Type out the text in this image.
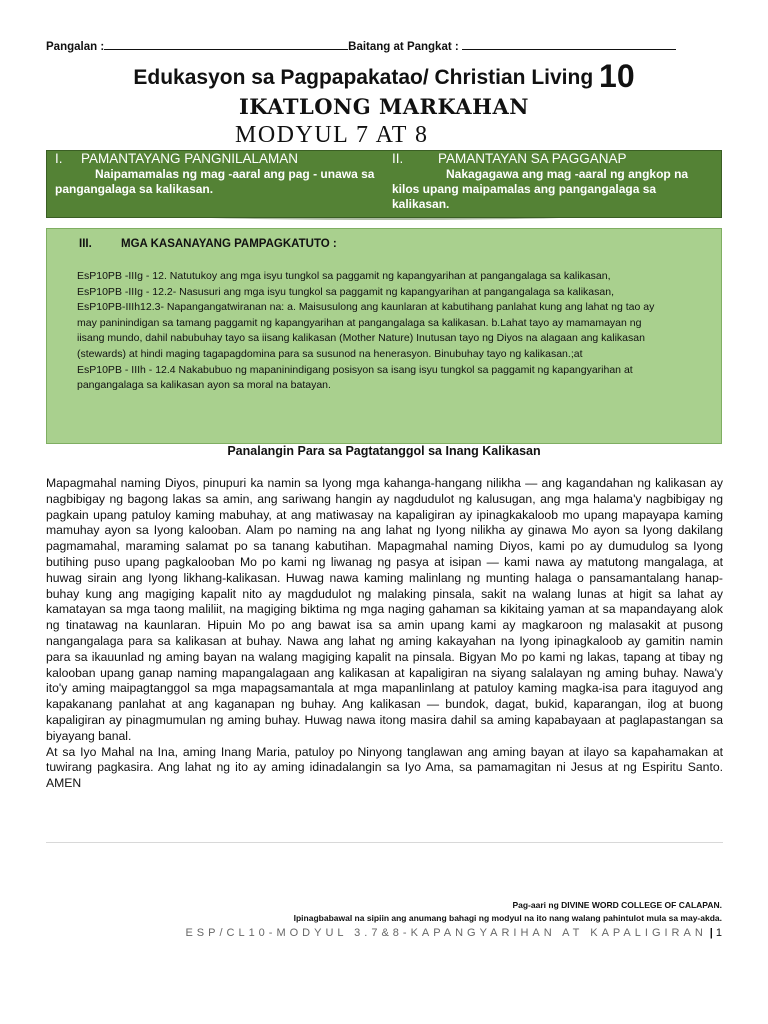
Pangalan :	Baitang at Pangkat :
Edukasyon sa Pagpapakatao/ Christian Living 10
IKATLONG MARKAHAN
MODYUL 7 AT 8
I. PAMANTAYANG PANGNILALAMAN
Naipamamalas ng mag -aaral ang pag - unawa sa pangangalaga sa kalikasan.
II.	PAMANTAYAN SA PAGGANAP
Nakagagawa ang mag -aaral ng angkop na kilos upang maipamalas ang pangangalaga sa kalikasan.
III.	MGA KASANAYANG PAMPAGKATUTO :
EsP10PB -IIIg - 12. Natutukoy ang mga isyu tungkol sa paggamit ng kapangyarihan at pangangalaga sa kalikasan,
EsP10PB -IIIg - 12.2- Nasusuri ang mga isyu tungkol sa paggamit ng kapangyarihan at pangangalaga sa kalikasan,
EsP10PB-IIIh12.3- Napangangatwiranan na: a. Maisusulong ang kaunlaran at kabutihang panlahat kung ang lahat ng tao ay
may paninindigan sa tamang paggamit ng kapangyarihan at pangangalaga sa kalikasan. b.Lahat tayo ay mamamayan ng
iisang mundo, dahil nabubuhay tayo sa iisang kalikasan (Mother Nature) Inutusan tayo ng Diyos na alagaan ang kalikasan
(stewards) at hindi maging tagapagdomina para sa susunod na henerasyon. Binubuhay tayo ng kalikasan.;at
EsP10PB - IIIh - 12.4 Nakabubuo ng mapaninindigang posisyon sa isang isyu tungkol sa paggamit ng kapangyarihan at
pangangalaga sa kalikasan ayon sa moral na batayan.
Panalangin Para sa Pagtatanggol sa Inang Kalikasan

Mapagmahal naming Diyos, pinupuri ka namin sa Iyong mga kahanga-hangang nilikha — ang kagandahan ng kalikasan ay nagbibigay ng bagong lakas sa amin, ang sariwang hangin ay nagdudulot ng kalusugan, ang mga halama'y nagbibigay ng pagkain upang patuloy kaming mabuhay, at ang matiwasay na kapaligiran ay ipinagkakaloob mo upang mapayapa kaming mamuhay ayon sa Iyong kalooban. Alam po naming na ang lahat ng Iyong nilikha ay ginawa Mo ayon sa Iyong dakilang pagmamahal, maraming salamat po sa tanang kabutihan. Mapagmahal naming Diyos, kami po ay dumudulog sa Iyong butihing puso upang pagkalooban Mo po kami ng liwanag ng pasya at isipan — kami nawa ay matutong mangalaga, at huwag sirain ang Iyong likhang-kalikasan. Huwag nawa kaming malinlang ng munting halaga o pansamantalang hanap-buhay kung ang magiging kapalit nito ay magdudulot ng malaking pinsala, sakit na walang lunas at higit sa lahat ay kamatayan sa mga taong maliliit, na magiging biktima ng mga naging gahaman sa kikitaing yaman at sa mapandayang alok ng tinatawag na kaunlaran. Hipuin Mo po ang bawat isa sa amin upang kami ay magkaroon ng malasakit at pusong nangangalaga para sa kalikasan at buhay. Nawa ang lahat ng aming kakayahan na Iyong ipinagkaloob ay gamitin namin para sa ikauunlad ng aming bayan na walang magiging kapalit na pinsala. Bigyan Mo po kami ng lakas, tapang at tibay ng kalooban upang ganap naming mapangalagaan ang kalikasan at kapaligiran na siyang salalayan ng aming buhay. Nawa'y ito'y aming maipagtanggol sa mga mapagsamantala at mga mapanlinlang at patuloy kaming magka-isa para itaguyod ang kapakanang panlahat at ang kaganapan ng buhay. Ang kalikasan — bundok, dagat, bukid, kaparangan, ilog at buong kapaligiran ay pinagmumulan ng aming buhay. Huwag nawa itong masira dahil sa aming kapabayaan at paglapastangan sa biyayang banal.

At sa Iyo Mahal na Ina, aming Inang Maria, patuloy po Ninyong tanglawan ang aming bayan at ilayo sa kapahamakan at tuwirang pagkasira. Ang lahat ng ito ay aming idinadalangin sa Iyo Ama, sa pamamagitan ni Jesus at ng Espiritu Santo. AMEN

Pag-aari ng DIVINE WORD COLLEGE OF CALAPAN.
Ipinagbabawal na sipiin ang anumang bahagi ng modyul na ito nang walang pahintulot mula sa may-akda.
ESP/CL10-MODYUL 3.7&8-KAPANGYARIHAN AT KAPALIGIRAN | 1
